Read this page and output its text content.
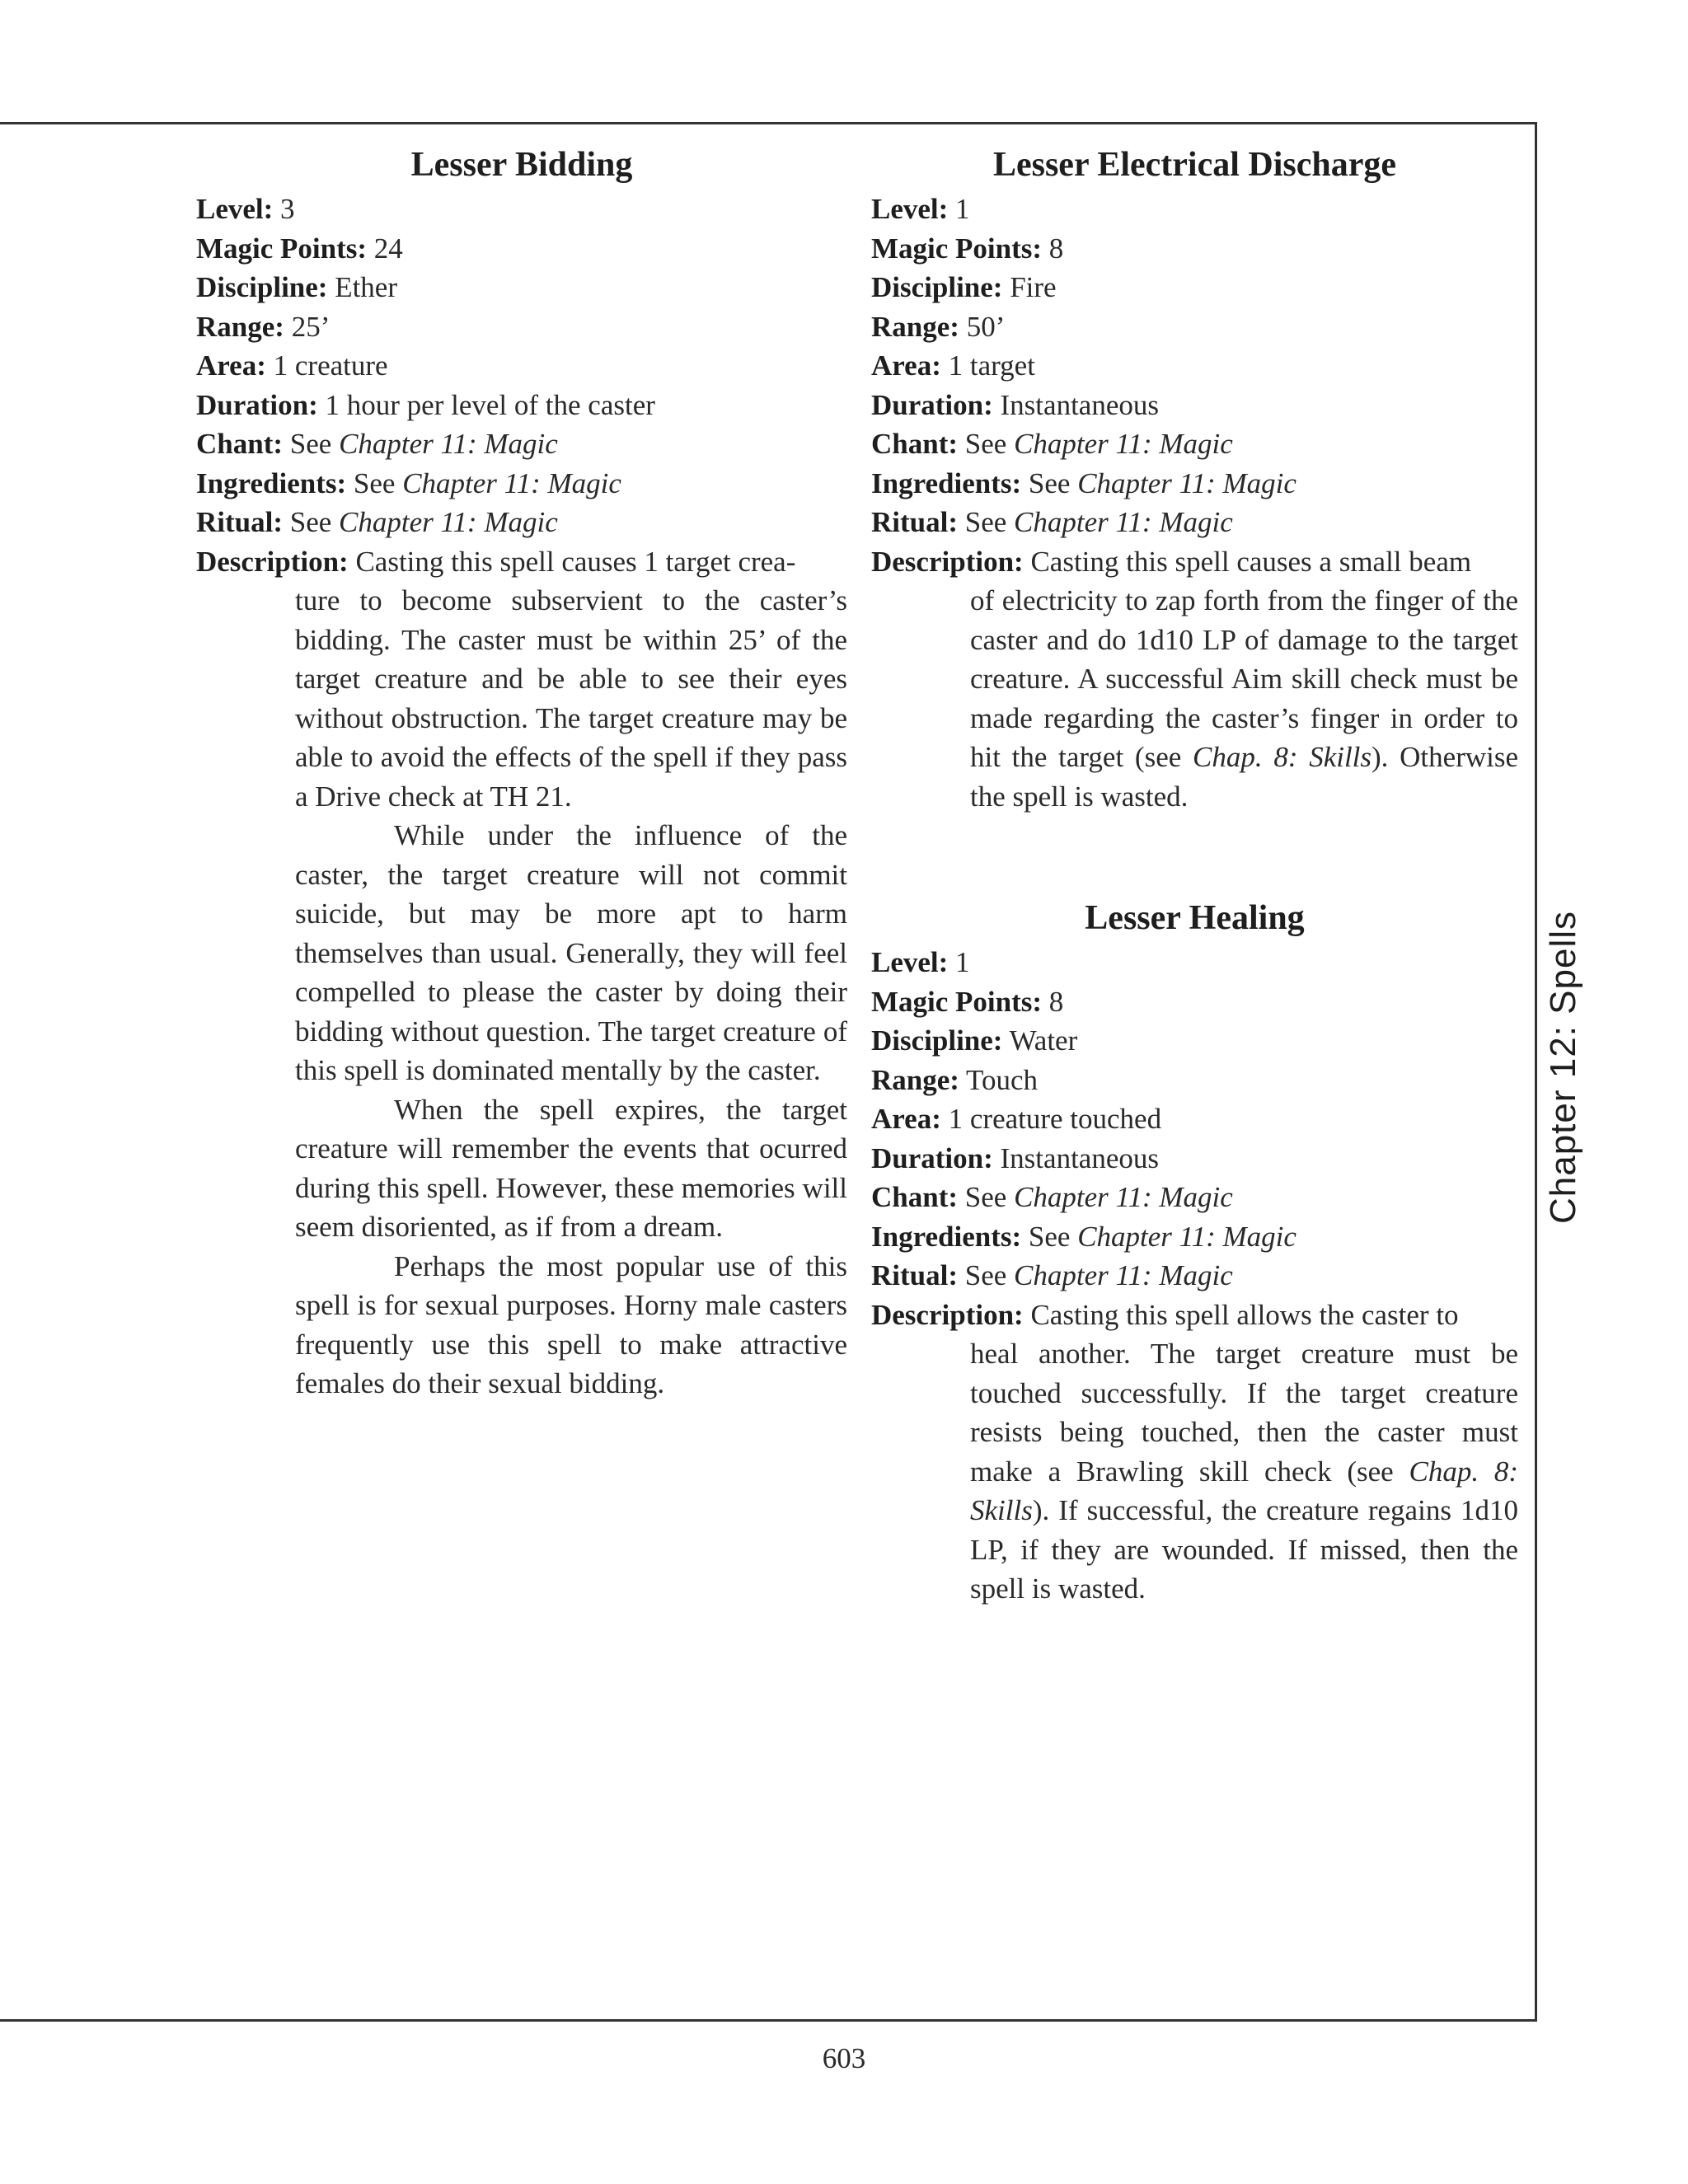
Lesser Bidding

Level: 3

Magic Points: 24

Discipline: Ether

Range: 25’

Area: 1 creature

Duration: 1 hour per level of the caster

Chant: See Chapter 11: Magic

Ingredients: See Chapter 11: Magic

Ritual: See Chapter 11: Magic

Description: Casting this spell causes 1 target crea-

ture to become subservient to the caster’s bidding. The caster must be within 25’ of the target creature and be able to see their eyes without obstruction. The target creature may be able to avoid the effects of the spell if they pass a Drive check at TH 21.

While under the influence of the caster, the target creature will not commit suicide, but may be more apt to harm themselves than usual. Generally, they will feel compelled to please the caster by doing their bidding without question. The target creature of this spell is dominated mentally by the caster.

When the spell expires, the target creature will remember the events that ocurred during this spell. However, these memories will seem disoriented, as if from a dream.

Perhaps the most popular use of this spell is for sexual purposes. Horny male casters frequently use this spell to make attractive females do their sexual bidding.

Lesser Electrical Discharge

Level: 1

Magic Points: 8

Discipline: Fire

Range: 50’

Area: 1 target

Duration: Instantaneous

Chant: See Chapter 11: Magic

Ingredients: See Chapter 11: Magic

Ritual: See Chapter 11: Magic

Description: Casting this spell causes a small beam

of electricity to zap forth from the finger of the caster and do 1d10 LP of damage to the target creature. A successful Aim skill check must be made regarding the caster’s finger in order to hit the target (see Chap. 8: Skills). Otherwise the spell is wasted.

Lesser Healing

Level: 1

Magic Points: 8

Discipline: Water

Range: Touch

Area: 1 creature touched

Duration: Instantaneous

Chant: See Chapter 11: Magic

Ingredients: See Chapter 11: Magic

Ritual: See Chapter 11: Magic

Description: Casting this spell allows the caster to

heal another. The target creature must be touched successfully. If the target creature resists being touched, then the caster must make a Brawling skill check (see Chap. 8: Skills). If successful, the creature regains 1d10 LP, if they are wounded. If missed, then the spell is wasted.

Chapter 12: Spells
603
